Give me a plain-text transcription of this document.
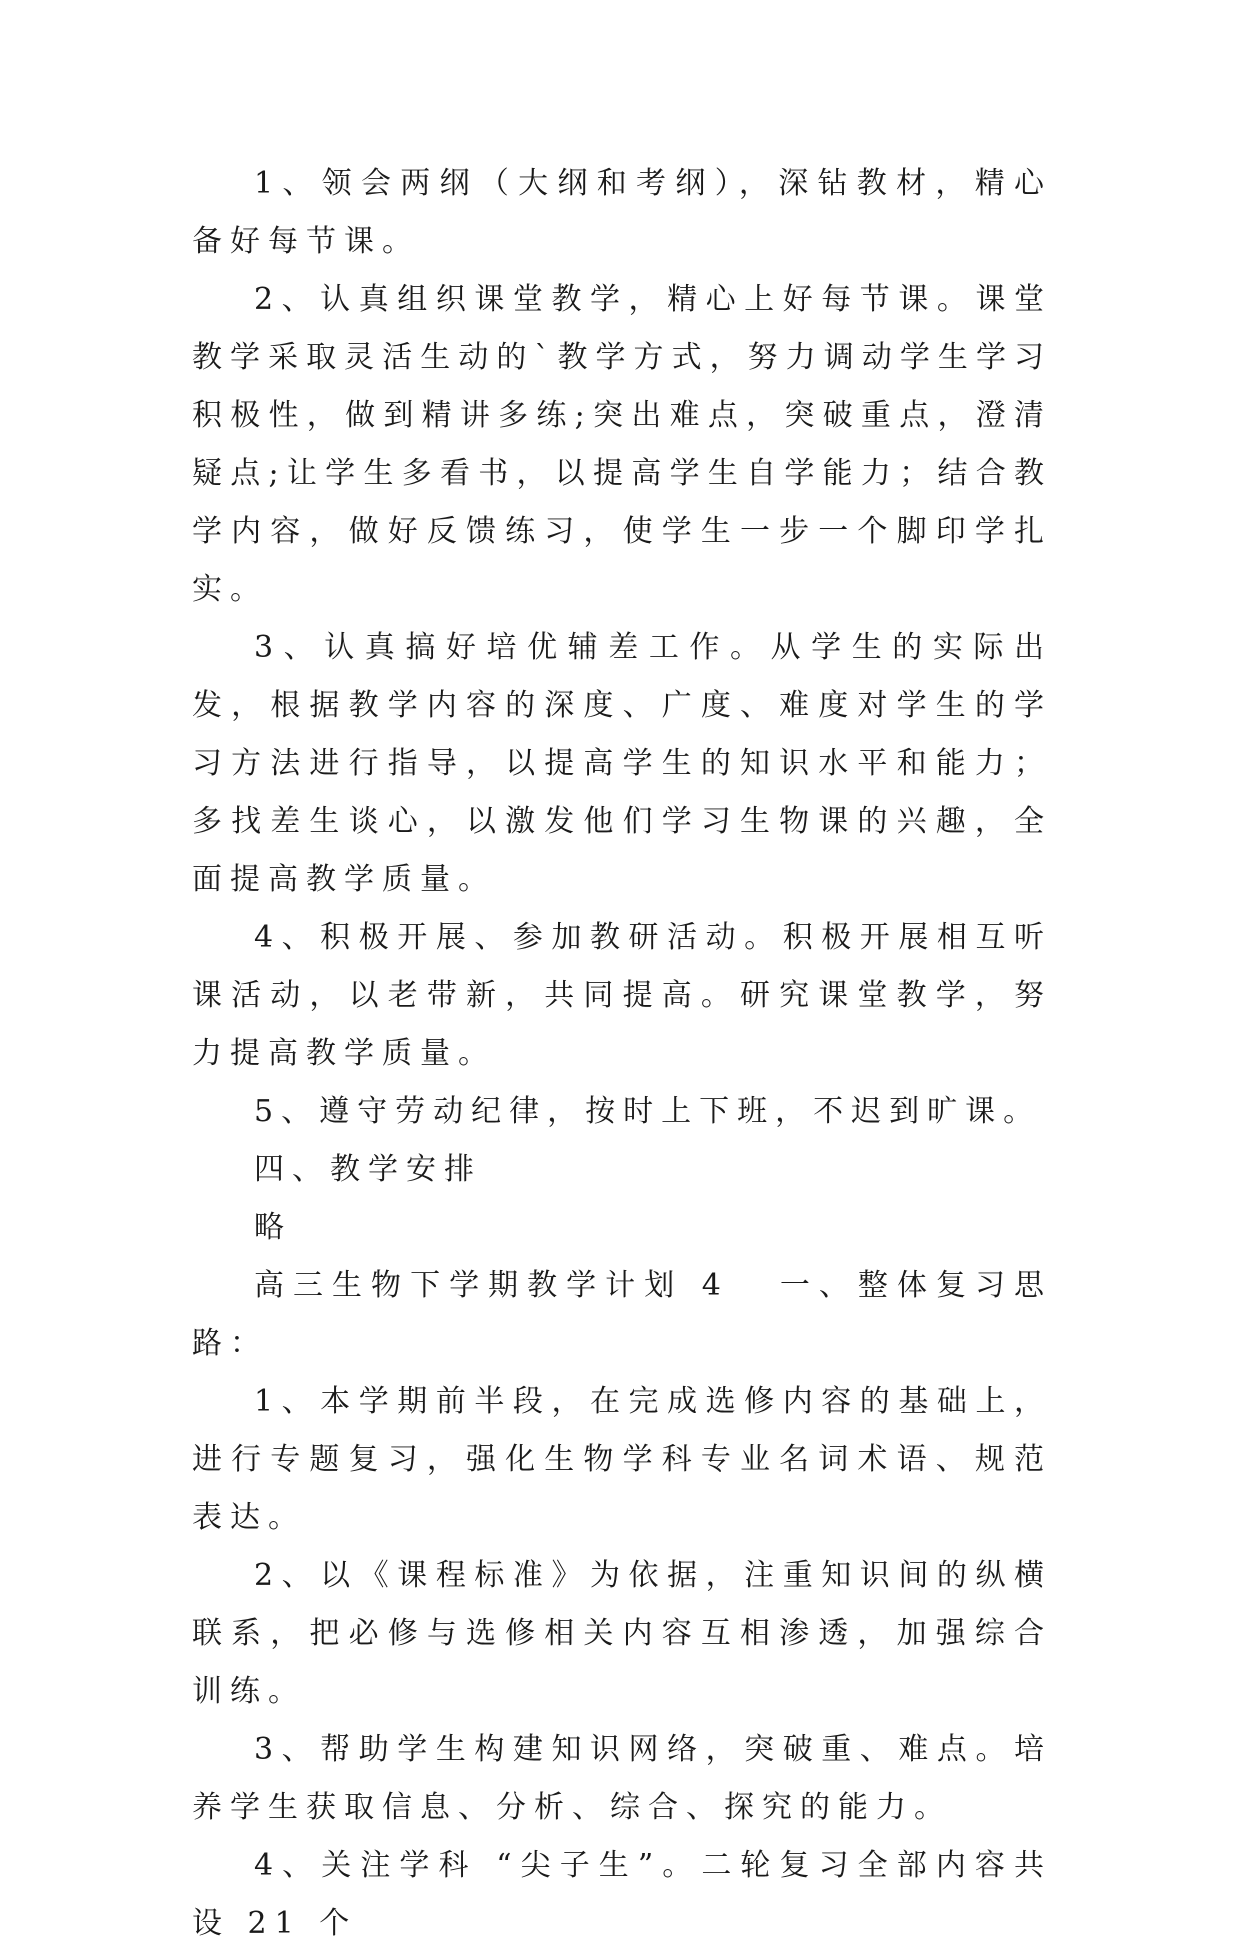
1、领会两纲（大纲和考纲），深钻教材，精心备好每节课。

2、认真组织课堂教学，精心上好每节课。课堂教学采取灵活生动的`教学方式，努力调动学生学习积极性，做到精讲多练;突出难点，突破重点，澄清疑点;让学生多看书，以提高学生自学能力；结合教学内容，做好反馈练习，使学生一步一个脚印学扎实。

3、认真搞好培优辅差工作。从学生的实际出发，根据教学内容的深度、广度、难度对学生的学习方法进行指导，以提高学生的知识水平和能力；多找差生谈心，以激发他们学习生物课的兴趣，全面提高教学质量。

4、积极开展、参加教研活动。积极开展相互听课活动，以老带新，共同提高。研究课堂教学，努力提高教学质量。

5、遵守劳动纪律，按时上下班，不迟到旷课。

四、教学安排

略

高三生物下学期教学计划 4 一、整体复习思路：

1、本学期前半段，在完成选修内容的基础上，进行专题复习，强化生物学科专业名词术语、规范表达。

2、以《课程标准》为依据，注重知识间的纵横联系，把必修与选修相关内容互相渗透，加强综合训练。

3、帮助学生构建知识网络，突破重、难点。培养学生获取信息、分析、综合、探究的能力。

4、关注学科 “尖子生”。二轮复习全部内容共设 21 个
